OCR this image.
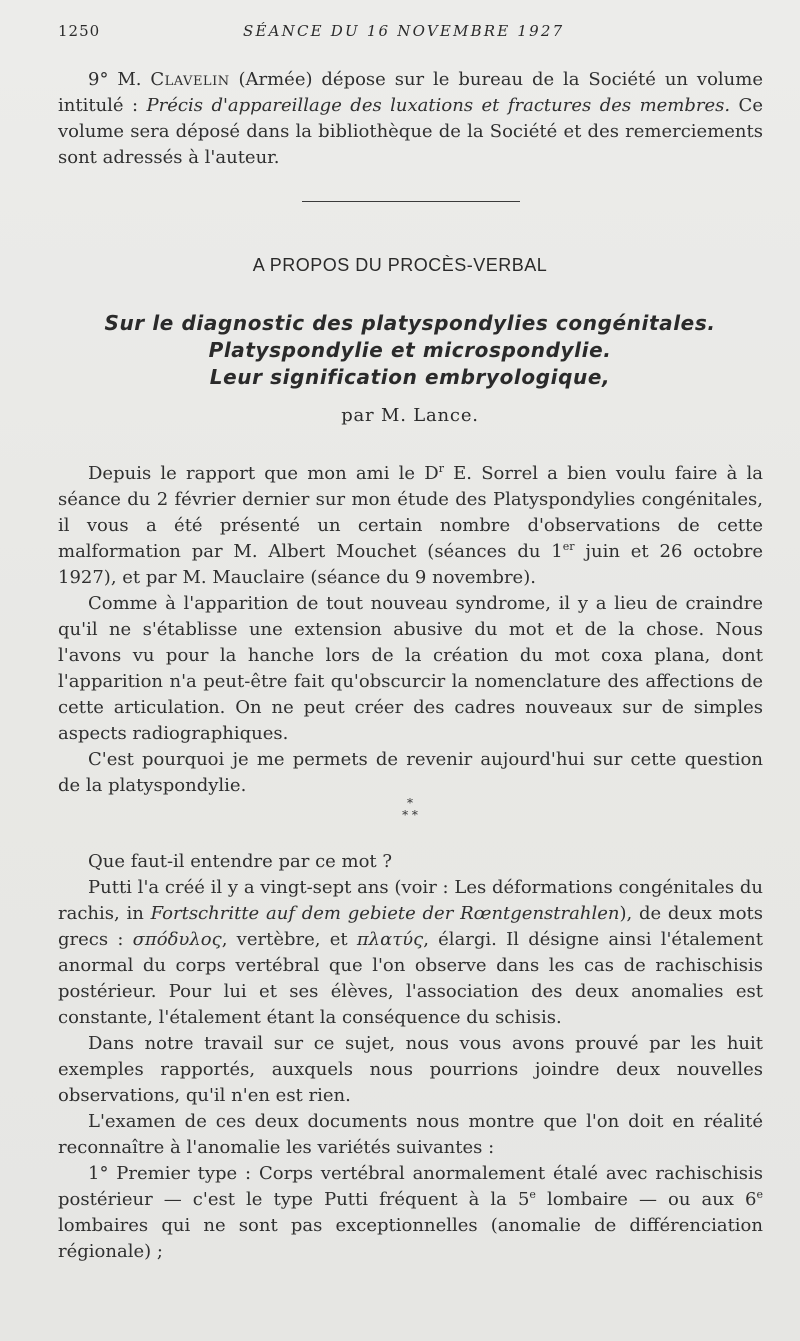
1250	SÉANCE DU 16 NOVEMBRE 1927

9° M. Clavelin (Armée) dépose sur le bureau de la Société un volume intitulé : Précis d'appareillage des luxations et fractures des membres. Ce volume sera déposé dans la bibliothèque de la Société et des remerciements sont adressés à l'auteur.

A PROPOS DU PROCÈS-VERBAL
Sur le diagnostic des platyspondylies congénitales.
Platyspondylie et microspondylie.
Leur signification embryologique,
par M. Lance.

Depuis le rapport que mon ami le $D^r$ E. Sorrel a bien voulu faire à la séance du 2 février dernier sur mon étude des Platyspondylies congénitales, il vous a été présenté un certain nombre d'observations de cette malformation par M. Albert Mouchet (séances du 1er juin et 26 octobre 1927), et par M. Mauclaire (séance du 9 novembre).

Comme à l'apparition de tout nouveau syndrome, il y a lieu de craindre qu'il ne s'établisse une extension abusive du mot et de la chose. Nous l'avons vu pour la hanche lors de la création du mot coxa plana, dont l'apparition n'a peut-être fait qu'obscurcir la nomenclature des affections de cette articulation. On ne peut créer des cadres nouveaux sur de simples aspects radiographiques.

C'est pourquoi je me permets de revenir aujourd'hui sur cette question de la platyspondylie.

*
* *

Que faut-il entendre par ce mot ?

Putti l'a créé il y a vingt-sept ans (voir : Les déformations congénitales du rachis, in Fortschritte auf dem gebiete der Rœntgenstrahlen), de deux mots grecs : σπόδυλος, vertèbre, et πλατύς, élargi. Il désigne ainsi l'étalement anormal du corps vertébral que l'on observe dans les cas de rachischisis postérieur. Pour lui et ses élèves, l'association des deux anomalies est constante, l'étalement étant la conséquence du schisis.

Dans notre travail sur ce sujet, nous vous avons prouvé par les huit exemples rapportés, auxquels nous pourrions joindre deux nouvelles observations, qu'il n'en est rien.

L'examen de ces deux documents nous montre que l'on doit en réalité reconnaître à l'anomalie les variétés suivantes :

1° Premier type : Corps vertébral anormalement étalé avec rachischisis postérieur — c'est le type Putti fréquent à la 5e lombaire — ou aux 6e lombaires qui ne sont pas exceptionnelles (anomalie de différenciation régionale) ;
